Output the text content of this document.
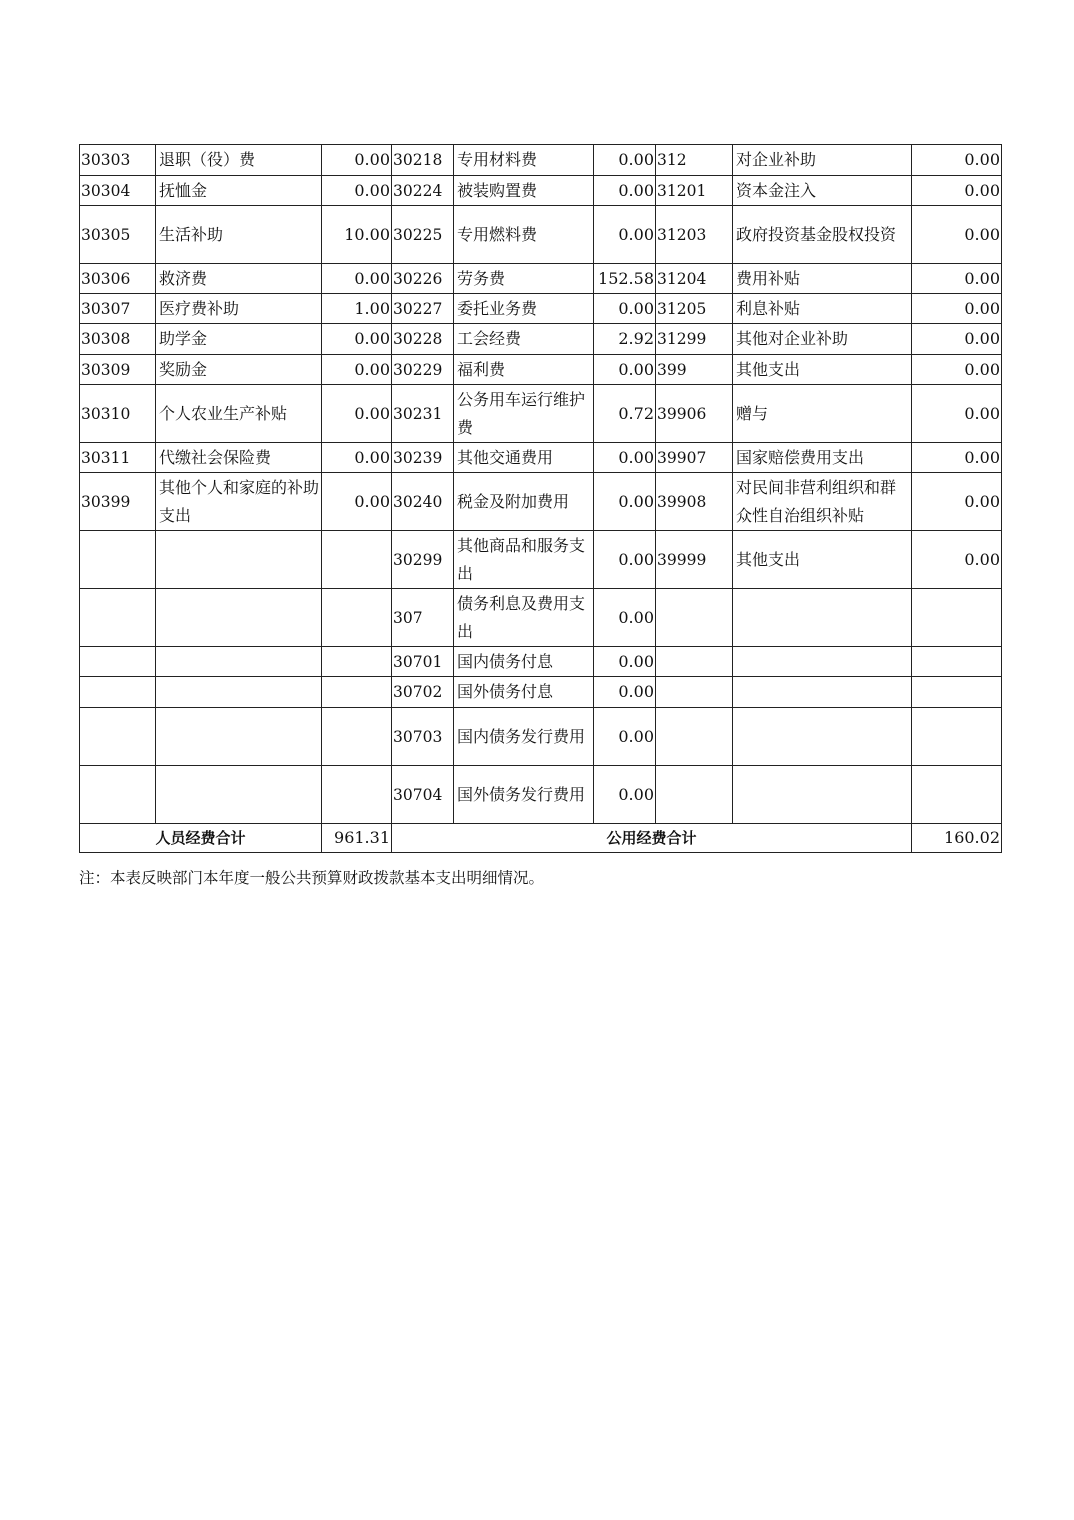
30303	退职（役）费	0.00	30218	专用材料费	0.00	312	对企业补助	0.00
30304	抚恤金	0.00	30224	被装购置费	0.00	31201	资本金注入	0.00
30305	生活补助	10.00	30225	专用燃料费	0.00	31203	政府投资基金股权投资	0.00
30306	救济费	0.00	30226	劳务费	152.58	31204	费用补贴	0.00
30307	医疗费补助	1.00	30227	委托业务费	0.00	31205	利息补贴	0.00
30308	助学金	0.00	30228	工会经费	2.92	31299	其他对企业补助	0.00
30309	奖励金	0.00	30229	福利费	0.00	399	其他支出	0.00
30310	个人农业生产补贴	0.00	30231	公务用车运行维护费	0.72	39906	赠与	0.00
30311	代缴社会保险费	0.00	30239	其他交通费用	0.00	39907	国家赔偿费用支出	0.00
30399	其他个人和家庭的补助支出	0.00	30240	税金及附加费用	0.00	39908	对民间非营利组织和群众性自治组织补贴	0.00
			30299	其他商品和服务支出	0.00	39999	其他支出	0.00
			307	债务利息及费用支出	0.00			
			30701	国内债务付息	0.00			
			30702	国外债务付息	0.00			
			30703	国内债务发行费用	0.00			
			30704	国外债务发行费用	0.00			
人员经费合计		961.31	公用经费合计					160.02
注：本表反映部门本年度一般公共预算财政拨款基本支出明细情况。
